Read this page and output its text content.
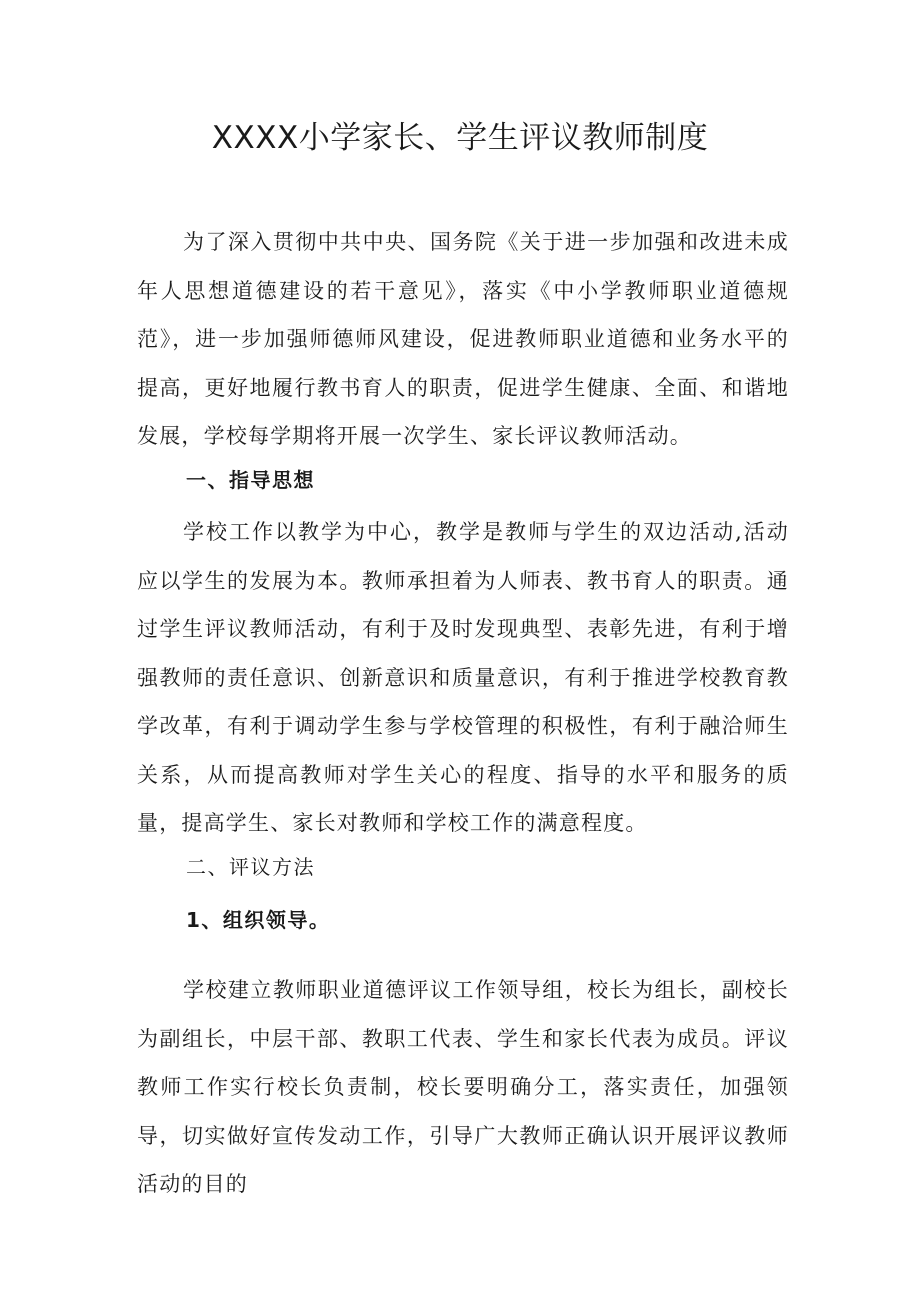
XXXX小学家长、学生评议教师制度

为了深入贯彻中共中央、国务院《关于进一步加强和改进未成年人思想道德建设的若干意见》，落实《中小学教师职业道德规范》，进一步加强师德师风建设，促进教师职业道德和业务水平的提高，更好地履行教书育人的职责，促进学生健康、全面、和谐地发展，学校每学期将开展一次学生、家长评议教师活动。

一、指导思想

学校工作以教学为中心，教学是教师与学生的双边活动,活动应以学生的发展为本。教师承担着为人师表、教书育人的职责。通过学生评议教师活动，有利于及时发现典型、表彰先进，有利于增强教师的责任意识、创新意识和质量意识，有利于推进学校教育教学改革，有利于调动学生参与学校管理的积极性，有利于融洽师生关系，从而提高教师对学生关心的程度、指导的水平和服务的质量，提高学生、家长对教师和学校工作的满意程度。

二、评议方法

1、组织领导。

学校建立教师职业道德评议工作领导组，校长为组长，副校长为副组长，中层干部、教职工代表、学生和家长代表为成员。评议教师工作实行校长负责制，校长要明确分工，落实责任，加强领导，切实做好宣传发动工作，引导广大教师正确认识开展评议教师活动的目的
